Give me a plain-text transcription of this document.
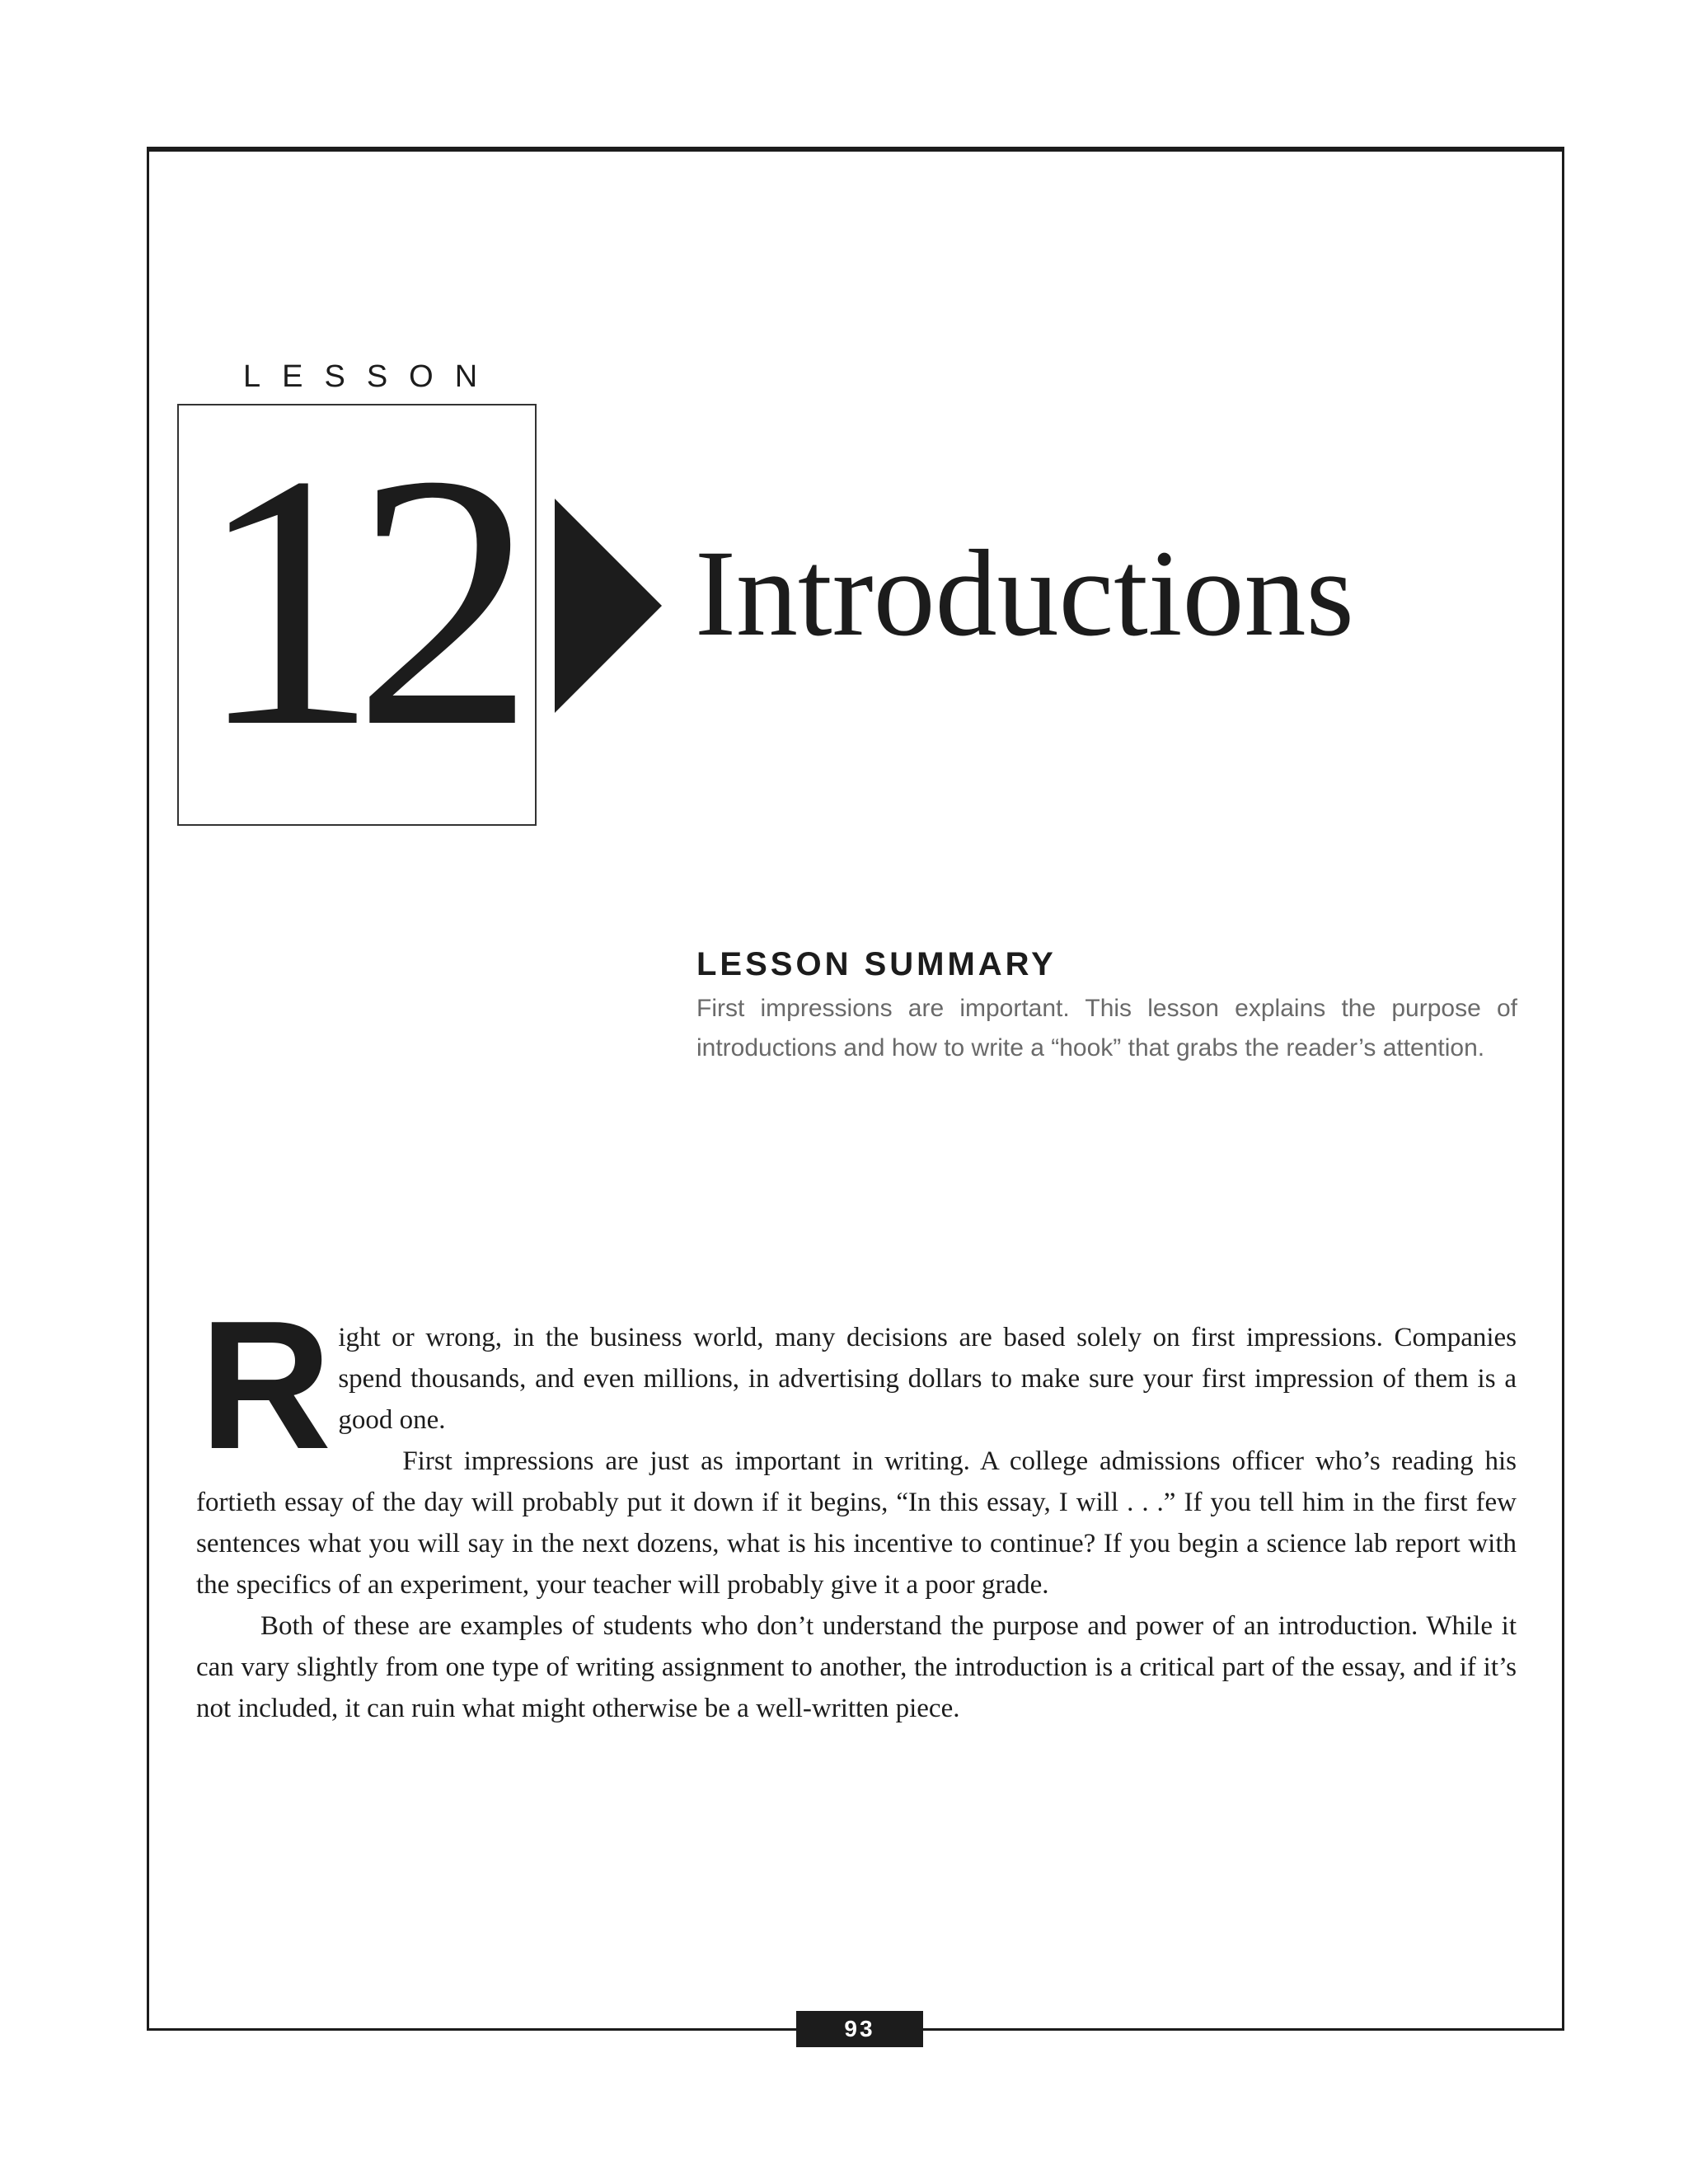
LESSON
12 Introductions
LESSON SUMMARY
First impressions are important. This lesson explains the purpose of introductions and how to write a “hook” that grabs the reader’s attention.

Right or wrong, in the business world, many decisions are based solely on first impressions. Companies spend thousands, and even millions, in advertising dollars to make sure your first impression of them is a good one.

First impressions are just as important in writing. A college admissions officer who’s reading his fortieth essay of the day will probably put it down if it begins, “In this essay, I will . . .” If you tell him in the first few sentences what you will say in the next dozens, what is his incentive to continue? If you begin a science lab report with the specifics of an experiment, your teacher will probably give it a poor grade.

Both of these are examples of students who don’t understand the purpose and power of an introduction. While it can vary slightly from one type of writing assignment to another, the introduction is a critical part of the essay, and if it’s not included, it can ruin what might otherwise be a well-written piece.

93
